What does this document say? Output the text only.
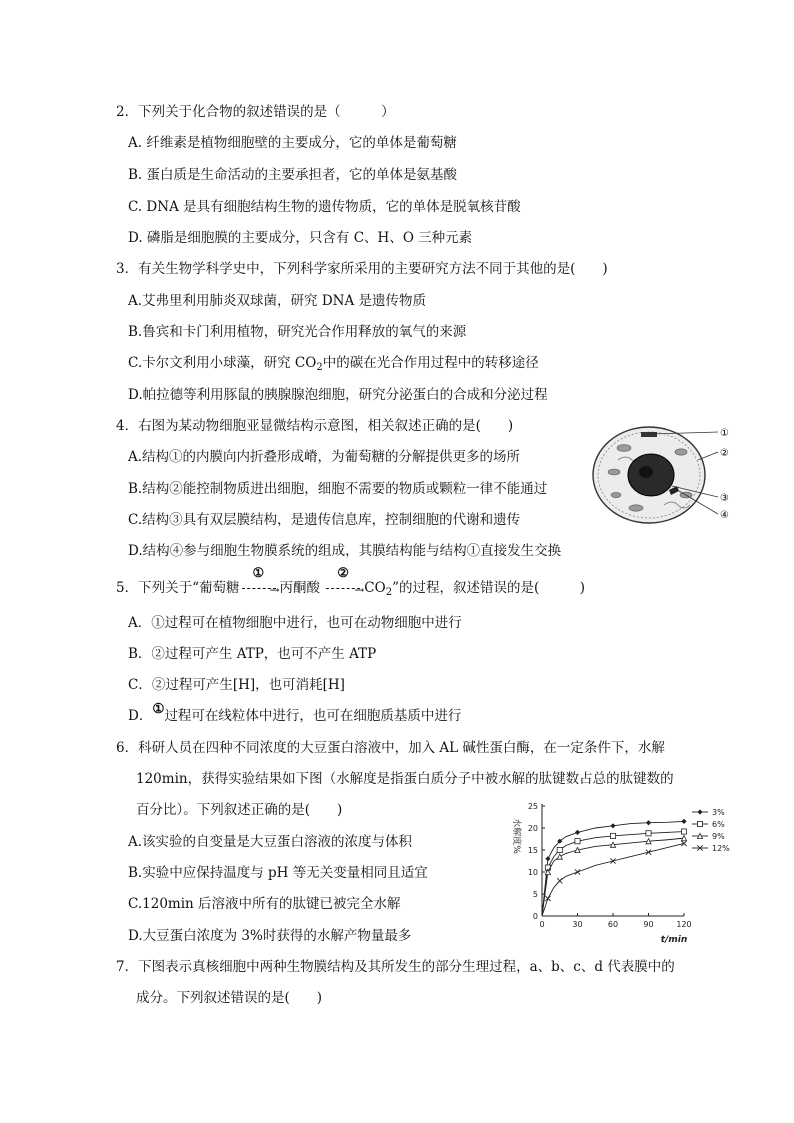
2．下列关于化合物的叙述错误的是（　　　）
A. 纤维素是植物细胞壁的主要成分，它的单体是葡萄糖
B. 蛋白质是生命活动的主要承担者，它的单体是氨基酸
C. DNA 是具有细胞结构生物的遗传物质，它的单体是脱氧核苷酸
D. 磷脂是细胞膜的主要成分，只含有 C、H、O 三种元素
3．有关生物学科学史中，下列科学家所采用的主要研究方法不同于其他的是(　　)
A.艾弗里利用肺炎双球菌，研究 DNA 是遗传物质
B.鲁宾和卡门利用植物，研究光合作用释放的氧气的来源
C.卡尔文利用小球藻，研究 $CO_2$中的碳在光合作用过程中的转移途径
D.帕拉德等利用豚鼠的胰腺腺泡细胞，研究分泌蛋白的合成和分泌过程
4．右图为某动物细胞亚显微结构示意图，相关叙述正确的是(　　)
A.结构①的内膜向内折叠形成嵴，为葡萄糖的分解提供更多的场所
B.结构②能控制物质进出细胞，细胞不需要的物质或颗粒一律不能通过
C.结构③具有双层膜结构，是遗传信息库，控制细胞的代谢和遗传
D.结构④参与细胞生物膜系统的组成，其膜结构能与结构①直接发生交换
①
②
③
④
5．下列关于“葡萄糖
①
→ 丙酮酸
②
→ $CO_2$”的过程，叙述错误的是(　　　)
A．①过程可在植物细胞中进行，也可在动物细胞中进行
B．②过程可产生 ATP，也可不产生 ATP
C．②过程可产生[H]，也可消耗[H]
D．①过程可在线粒体中进行，也可在细胞质基质中进行
6．科研人员在四种不同浓度的大豆蛋白溶液中，加入 AL 碱性蛋白酶，在一定条件下，水解
120min，获得实验结果如下图（水解度是指蛋白质分子中被水解的肽键数占总的肽键数的
百分比）。下列叙述正确的是(　　)
A.该实验的自变量是大豆蛋白溶液的浓度与体积
B.实验中应保持温度与 pH 等无关变量相同且适宜
C.120min 后溶液中所有的肽键已被完全水解
D.大豆蛋白浓度为 3%时获得的水解产物量最多
0	30	60	90	120
0
5
10
15
20
25
水解度%
t/min
3%
6%
9%
12%
7．下图表示真核细胞中两种生物膜结构及其所发生的部分生理过程，a、b、c、d 代表膜中的
成分。下列叙述错误的是(　　)
